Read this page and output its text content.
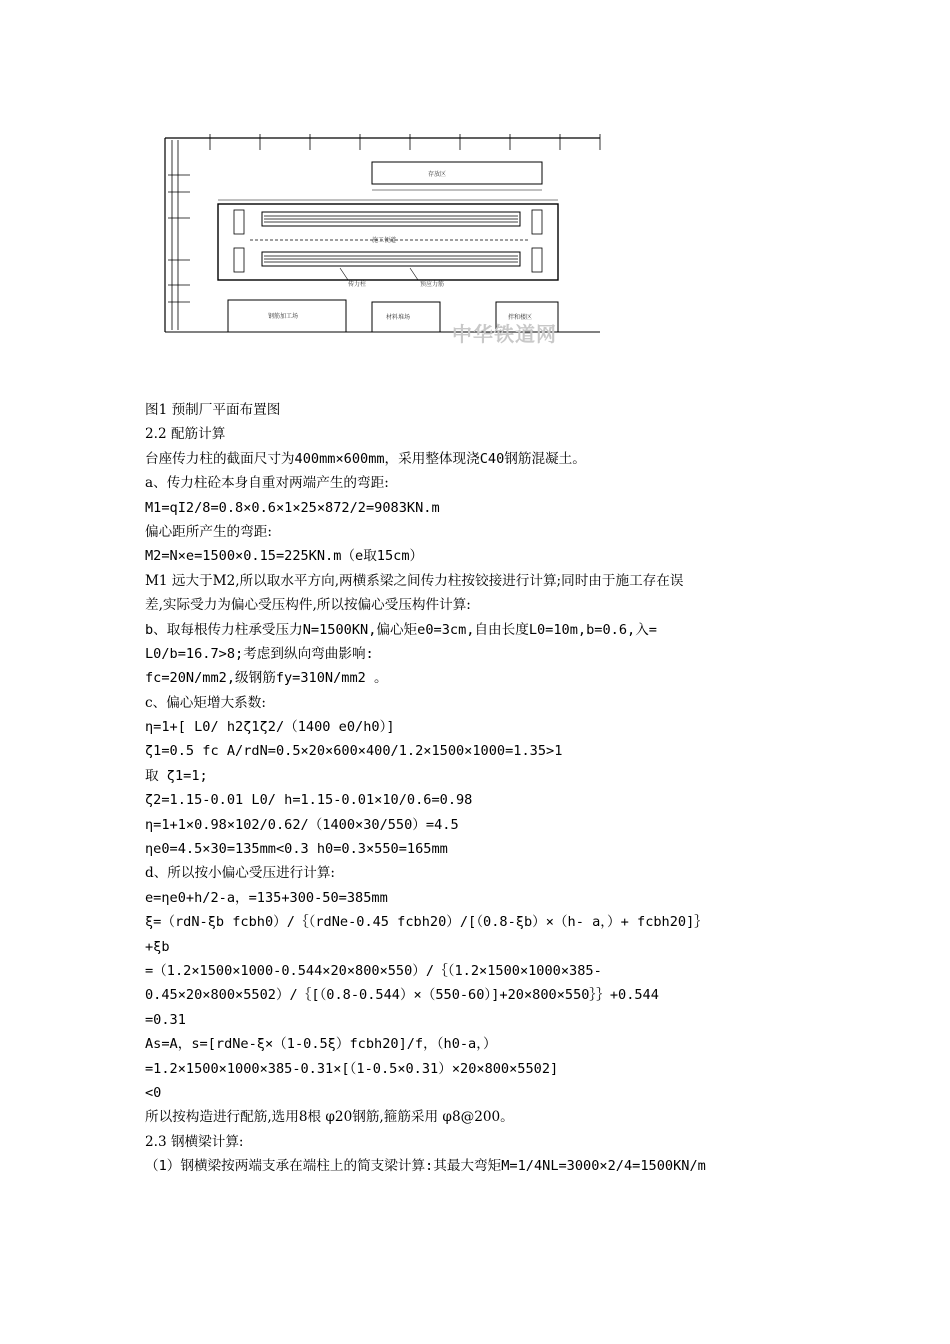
存放区
施工便道
传力柱	预应力筋
钢筋加工场	材料堆场	拌和楼区
中华铁道网
图1 预制厂平面布置图
2.2 配筋计算
台座传力柱的截面尺寸为400mm×600mm，采用整体现浇C40钢筋混凝土。
a、传力柱砼本身自重对两端产生的弯距:
M1=qI2/8=0.8×0.6×1×25×872/2=9083KN.m
偏心距所产生的弯距:
M2=N×e=1500×0.15=225KN.m（e取15cm）
M1 远大于M2,所以取水平方向,两横系梁之间传力柱按铰接进行计算;同时由于施工存在误
差,实际受力为偏心受压构件,所以按偏心受压构件计算:
b、取每根传力柱承受压力N=1500KN,偏心矩e0=3cm,自由长度L0=10m,b=0.6,入=
L0/b=16.7>8;考虑到纵向弯曲影响:
fc=20N/mm2,级钢筋fy=310N/mm2 。
c、偏心矩增大系数:
η=1+[ L0/ h2ζ1ζ2/（1400 e0/h0）]
ζ1=0.5 fc A/rdN=0.5×20×600×400/1.2×1500×1000=1.35>1
取 ζ1=1;
ζ2=1.15-0.01 L0/ h=1.15-0.01×10/0.6=0.98
η=1+1×0.98×102/0.62/（1400×30/550）=4.5
ηe0=4.5×30=135mm<0.3 h0=0.3×550=165mm
d、所以按小偏心受压进行计算:
e=ηe0+h/2-a，=135+300-50=385mm
ξ=（rdN-ξb fcbh0）/｛（rdNe-0.45 fcbh20）/[（0.8-ξb）×（h- a，）+ fcbh20]｝
+ξb
=（1.2×1500×1000-0.544×20×800×550）/｛（1.2×1500×1000×385-
0.45×20×800×5502）/｛[（0.8-0.544）×（550-60）]+20×800×550｝｝+0.544
=0.31
As=A，s=[rdNe-ξ×（1-0.5ξ）fcbh20]/f，（h0-a，）
=1.2×1500×1000×385-0.31×[（1-0.5×0.31）×20×800×5502]
<0
所以按构造进行配筋,选用8根 φ20钢筋,箍筋采用 φ8@200。
2.3 钢横梁计算:
（1）钢横梁按两端支承在端柱上的简支梁计算:其最大弯矩M=1/4NL=3000×2/4=1500KN/m
